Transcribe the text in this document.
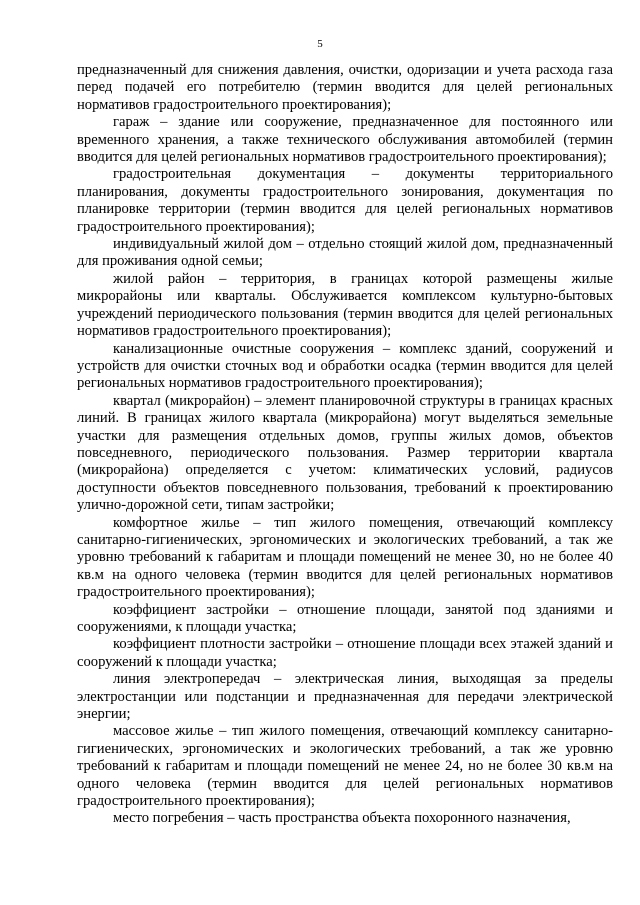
5

предназначенный для снижения давления, очистки, одоризации и учета расхода газа перед подачей его потребителю (термин вводится для целей региональных нормативов градостроительного проектирования);

гараж – здание или сооружение, предназначенное для постоянного или временного хранения, а также технического обслуживания автомобилей (термин вводится для целей региональных нормативов градостроительного проектирования);

градостроительная документация – документы территориального планирования, документы градостроительного зонирования, документация по планировке территории (термин вводится для целей региональных нормативов градостроительного проектирования);

индивидуальный жилой дом – отдельно стоящий жилой дом, предназначенный для проживания одной семьи;

жилой район – территория, в границах которой размещены жилые микрорайоны или кварталы. Обслуживается комплексом культурно-бытовых учреждений периодического пользования (термин вводится для целей региональных нормативов градостроительного проектирования);

канализационные очистные сооружения – комплекс зданий, сооружений и устройств для очистки сточных вод и обработки осадка (термин вводится для целей региональных нормативов градостроительного проектирования);

квартал (микрорайон) – элемент планировочной структуры в границах красных линий. В границах жилого квартала (микрорайона) могут выделяться земельные участки для размещения отдельных домов, группы жилых домов, объектов повседневного, периодического пользования. Размер территории квартала (микрорайона) определяется с учетом: климатических условий, радиусов доступности объектов повседневного пользования, требований к проектированию улично-дорожной сети, типам застройки;

комфортное жилье – тип жилого помещения, отвечающий комплексу санитарно-гигиенических, эргономических и экологических требований, а так же уровню требований к габаритам и площади помещений не менее 30, но не более 40 кв.м на одного человека (термин вводится для целей региональных нормативов градостроительного проектирования);

коэффициент застройки – отношение площади, занятой под зданиями и сооружениями, к площади участка;

коэффициент плотности застройки – отношение площади всех этажей зданий и сооружений к площади участка;

линия электропередач – электрическая линия, выходящая за пределы электростанции или подстанции и предназначенная для передачи электрической энергии;

массовое жилье – тип жилого помещения, отвечающий комплексу санитарно-гигиенических, эргономических и экологических требований, а так же уровню требований к габаритам и площади помещений не менее 24, но не более 30 кв.м на одного человека (термин вводится для целей региональных нормативов градостроительного проектирования);

место погребения – часть пространства объекта похоронного назначения,
